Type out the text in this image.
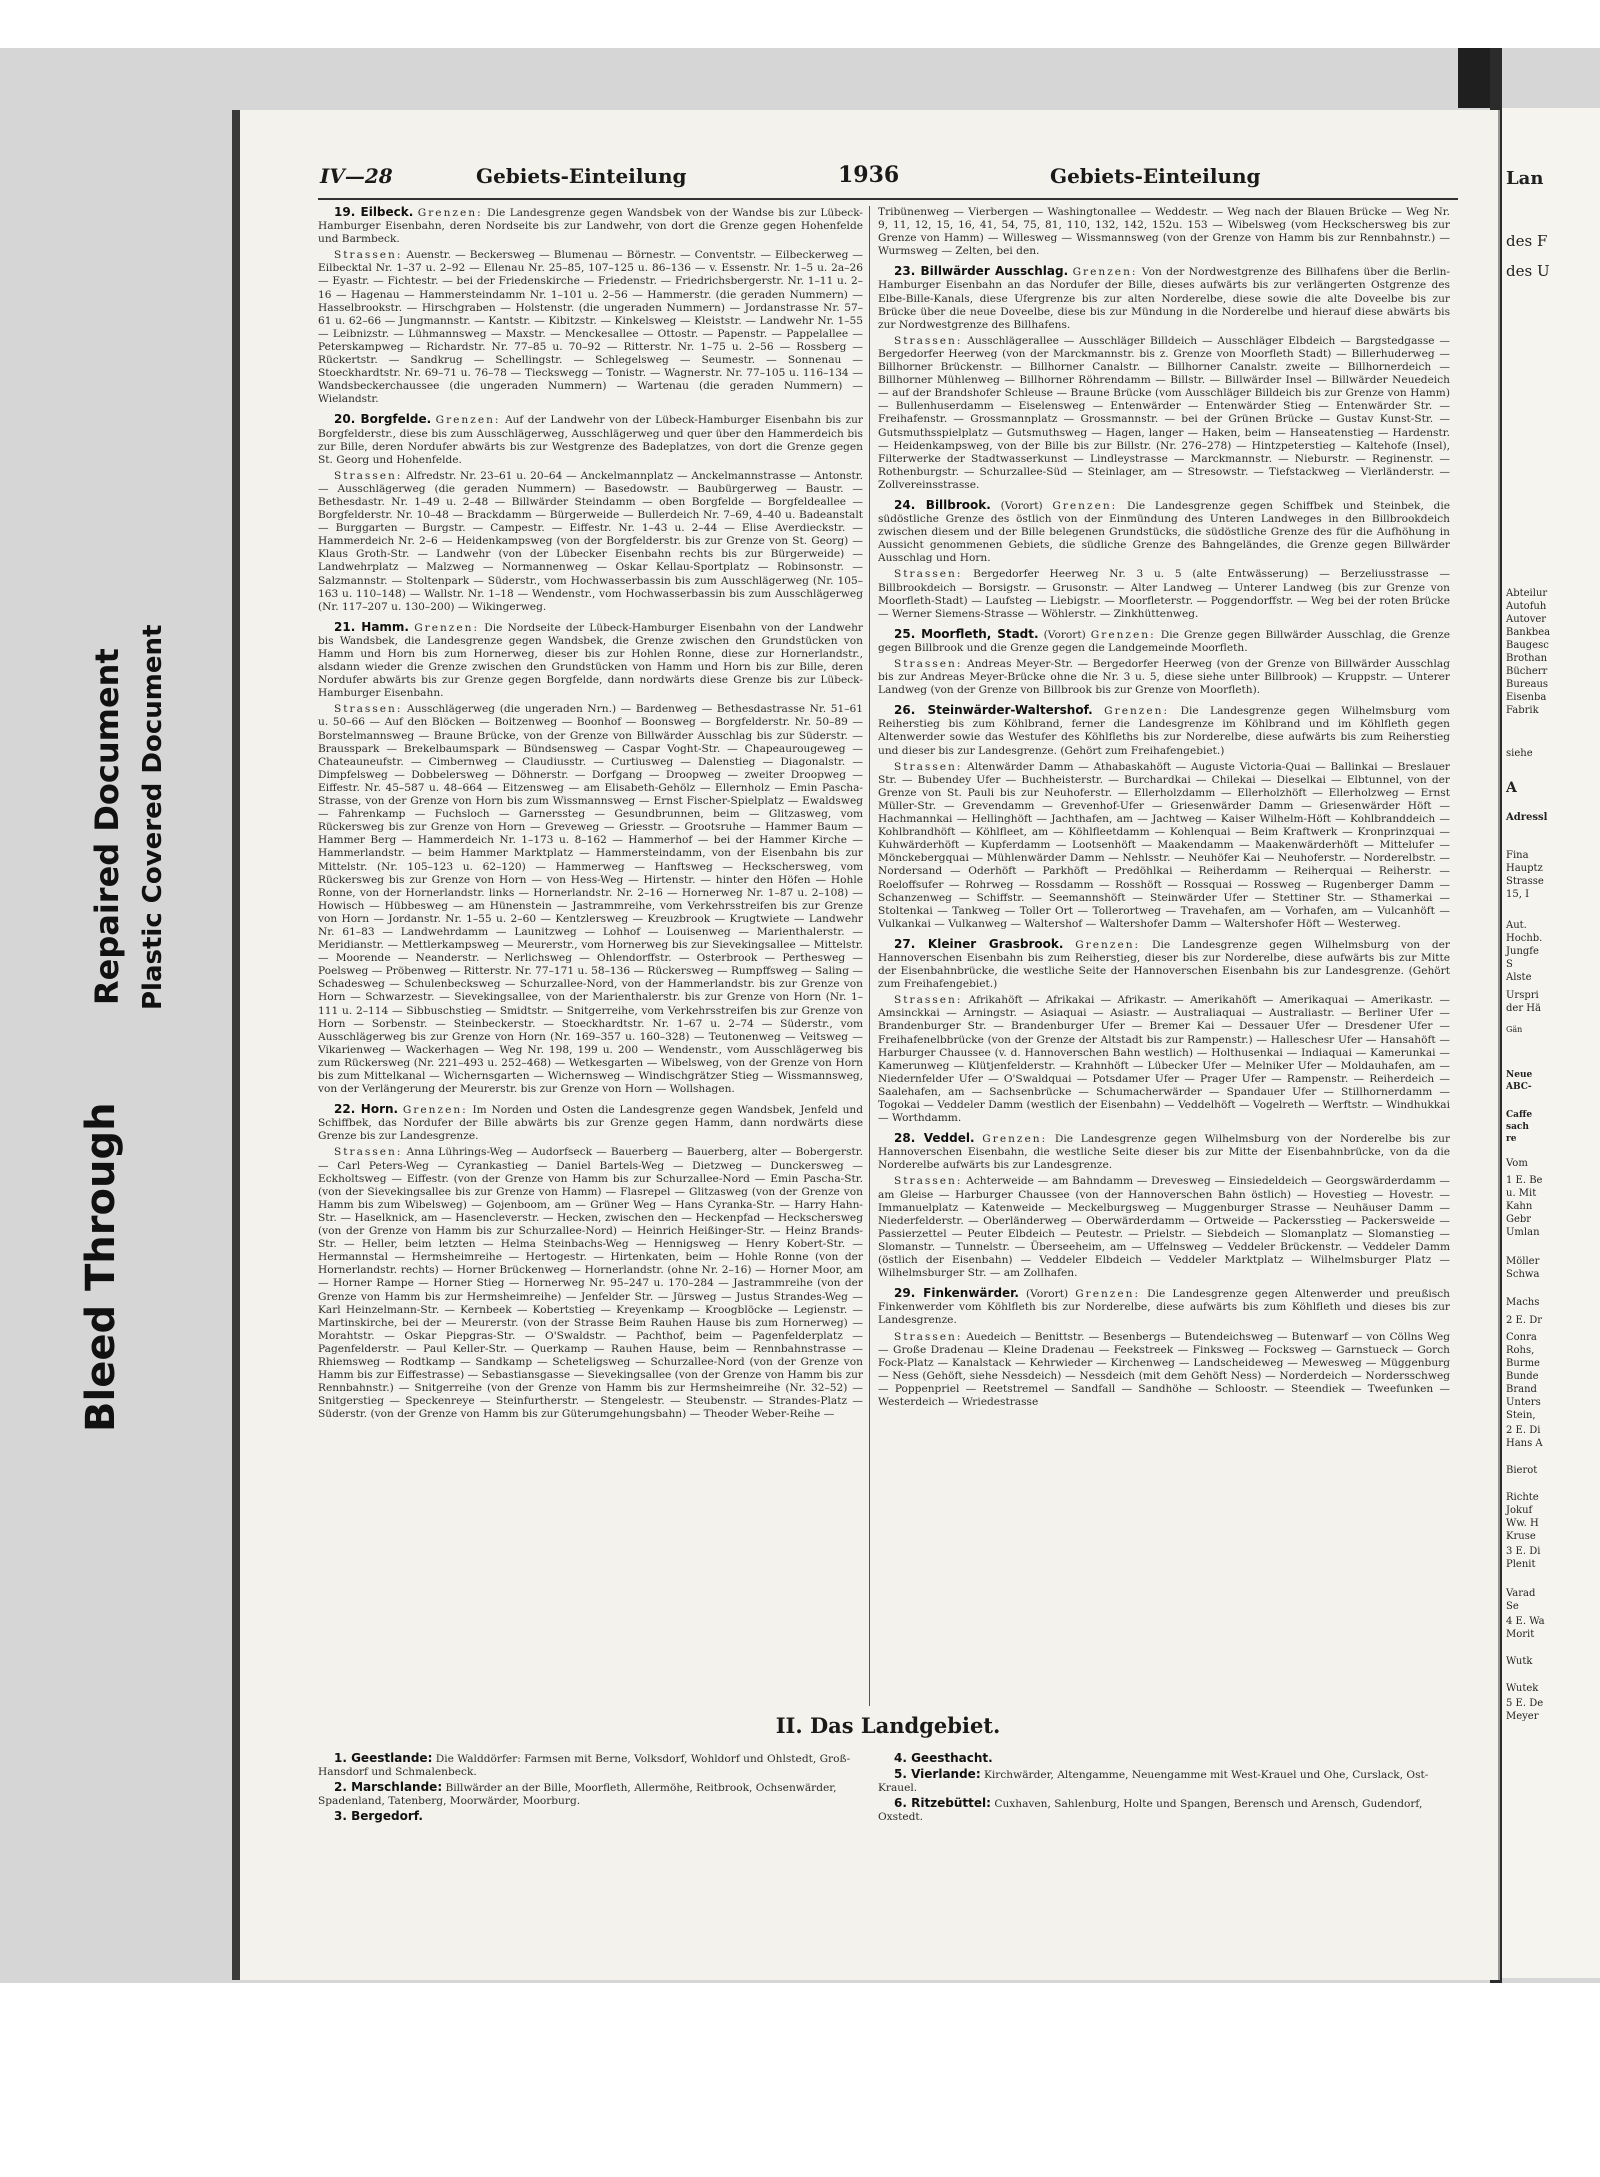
Bleed Through
Repaired Document Plastic Covered Document
IV—28	Gebiets-Einteilung	1936	Gebiets-Einteilung

19. Eilbeck. Grenzen: Die Landesgrenze gegen Wandsbek von der Wandse bis zur Lübeck-Hamburger Eisenbahn, deren Nordseite bis zur Landwehr, von dort die Grenze gegen Hohenfelde und Barmbeck.

Strassen: Auenstr. — Beckersweg — Blumenau — Börnestr. — Conventstr. — Eilbeckerweg — Eilbecktal Nr. 1–37 u. 2–92 — Ellenau Nr. 25–85, 107–125 u. 86–136 — v. Essenstr. Nr. 1–5 u. 2a–26 — Eyastr. — Fichtestr. — bei der Friedenskirche — Friedenstr. — Friedrichsbergerstr. Nr. 1–11 u. 2–16 — Hagenau — Hammersteindamm Nr. 1–101 u. 2–56 — Hammerstr. (die geraden Nummern) — Hasselbrookstr. — Hirschgraben — Holstenstr. (die ungeraden Nummern) — Jordanstrasse Nr. 57–61 u. 62–66 — Jungmannstr. — Kantstr. — Kibitzstr. — Kinkelsweg — Kleiststr. — Landwehr Nr. 1–55 — Leibnizstr. — Lühmannsweg — Maxstr. — Menckesallee — Ottostr. — Papenstr. — Pappelallee — Peterskampweg — Richardstr. Nr. 77–85 u. 70–92 — Ritterstr. Nr. 1–75 u. 2–56 — Rossberg — Rückertstr. — Sandkrug — Schellingstr. — Schlegelsweg — Seumestr. — Sonnenau — Stoeckhardtstr. Nr. 69–71 u. 76–78 — Tieckswegg — Tonistr. — Wagnerstr. Nr. 77–105 u. 116–134 — Wandsbeckerchaussee (die ungeraden Nummern) — Wartenau (die geraden Nummern) — Wielandstr.

20. Borgfelde. Grenzen: Auf der Landwehr von der Lübeck-Hamburger Eisenbahn bis zur Borgfelderstr., diese bis zum Ausschlägerweg, Ausschlägerweg und quer über den Hammerdeich bis zur Bille, deren Nordufer abwärts bis zur Westgrenze des Badeplatzes, von dort die Grenze gegen St. Georg und Hohenfelde.

Strassen: Alfredstr. Nr. 23–61 u. 20–64 — Anckelmannplatz — Anckelmannstrasse — Antonstr. — Ausschlägerweg (die geraden Nummern) — Basedowstr. — Baubürgerweg — Baustr. — Bethesdastr. Nr. 1–49 u. 2–48 — Billwärder Steindamm — oben Borgfelde — Borgfeldeallee — Borgfelderstr. Nr. 10–48 — Brackdamm — Bürgerweide — Bullerdeich Nr. 7–69, 4–40 u. Badeanstalt — Burggarten — Burgstr. — Campestr. — Eiffestr. Nr. 1–43 u. 2–44 — Elise Averdieckstr. — Hammerdeich Nr. 2–6 — Heidenkampsweg (von der Borgfelderstr. bis zur Grenze von St. Georg) — Klaus Groth-Str. — Landwehr (von der Lübecker Eisenbahn rechts bis zur Bürgerweide) — Landwehrplatz — Malzweg — Normannenweg — Oskar Kellau-Sportplatz — Robinsonstr. — Salzmannstr. — Stoltenpark — Süderstr., vom Hochwasserbassin bis zum Ausschlägerweg (Nr. 105–163 u. 110–148) — Wallstr. Nr. 1–18 — Wendenstr., vom Hochwasserbassin bis zum Ausschlägerweg (Nr. 117–207 u. 130–200) — Wikingerweg.

21. Hamm. Grenzen: Die Nordseite der Lübeck-Hamburger Eisenbahn von der Landwehr bis Wandsbek, die Landesgrenze gegen Wandsbek, die Grenze zwischen den Grundstücken von Hamm und Horn bis zum Hornerweg, dieser bis zur Hohlen Ronne, diese zur Hornerlandstr., alsdann wieder die Grenze zwischen den Grundstücken von Hamm und Horn bis zur Bille, deren Nordufer abwärts bis zur Grenze gegen Borgfelde, dann nordwärts diese Grenze bis zur Lübeck-Hamburger Eisenbahn.

Strassen: Ausschlägerweg (die ungeraden Nrn.) — Bardenweg — Bethesdastrasse Nr. 51–61 u. 50–66 — Auf den Blöcken — Boitzenweg — Boonhof — Boonsweg — Borgfelderstr. Nr. 50–89 — Borstelmannsweg — Braune Brücke, von der Grenze von Billwärder Ausschlag bis zur Süderstr. — Brausspark — Brekelbaumspark — Bündsensweg — Caspar Voght-Str. — Chapeaurougeweg — Chateauneufstr. — Cimbernweg — Claudiusstr. — Curtiusweg — Dalenstieg — Diagonalstr. — Dimpfelsweg — Dobbelersweg — Döhnerstr. — Dorfgang — Droopweg — zweiter Droopweg — Eiffestr. Nr. 45–587 u. 48–664 — Eitzensweg — am Elisabeth-Gehölz — Ellernholz — Emin Pascha-Strasse, von der Grenze von Horn bis zum Wissmannsweg — Ernst Fischer-Spielplatz — Ewaldsweg — Fahrenkamp — Fuchsloch — Garnerssteg — Gesundbrunnen, beim — Glitzasweg, vom Rückersweg bis zur Grenze von Horn — Greveweg — Griesstr. — Grootsruhe — Hammer Baum — Hammer Berg — Hammerdeich Nr. 1–173 u. 8–162 — Hammerhof — bei der Hammer Kirche — Hammerlandstr. — beim Hammer Marktplatz — Hammersteindamm, von der Eisenbahn bis zur Mittelstr. (Nr. 105–123 u. 62–120) — Hammerweg — Hanftsweg — Heckschersweg, vom Rückersweg bis zur Grenze von Horn — von Hess-Weg — Hirtenstr. — hinter den Höfen — Hohle Ronne, von der Hornerlandstr. links — Hornerlandstr. Nr. 2–16 — Hornerweg Nr. 1–87 u. 2–108) — Howisch — Hübbesweg — am Hünenstein — Jastrammreihe, vom Verkehrsstreifen bis zur Grenze von Horn — Jordanstr. Nr. 1–55 u. 2–60 — Kentzlersweg — Kreuzbrook — Krugtwiete — Landwehr Nr. 61–83 — Landwehrdamm — Launitzweg — Lohhof — Louisenweg — Marienthalerstr. — Meridianstr. — Mettlerkampsweg — Meurerstr., vom Hornerweg bis zur Sievekingsallee — Mittelstr. — Moorende — Neanderstr. — Nerlichsweg — Ohlendorffstr. — Osterbrook — Perthesweg — Poelsweg — Pröbenweg — Ritterstr. Nr. 77–171 u. 58–136 — Rückersweg — Rumpffsweg — Saling — Schadesweg — Schulenbecksweg — Schurzallee-Nord, von der Hammerlandstr. bis zur Grenze von Horn — Schwarzestr. — Sievekingsallee, von der Marienthalerstr. bis zur Grenze von Horn (Nr. 1–111 u. 2–114 — Sibbuschstieg — Smidtstr. — Snitgerreihe, vom Verkehrsstreifen bis zur Grenze von Horn — Sorbenstr. — Steinbeckerstr. — Stoeckhardtstr. Nr. 1–67 u. 2–74 — Süderstr., vom Ausschlägerweg bis zur Grenze von Horn (Nr. 169–357 u. 160–328) — Teutonenweg — Veitsweg — Vikarienweg — Wackerhagen — Weg Nr. 198, 199 u. 200 — Wendenstr., vom Ausschlägerweg bis zum Rückersweg (Nr. 221–493 u. 252–468) — Wetkesgarten — Wibelsweg, von der Grenze von Horn bis zum Mittelkanal — Wichernsgarten — Wichernsweg — Windischgrätzer Stieg — Wissmannsweg, von der Verlängerung der Meurerstr. bis zur Grenze von Horn — Wollshagen.

22. Horn. Grenzen: Im Norden und Osten die Landesgrenze gegen Wandsbek, Jenfeld und Schiffbek, das Nordufer der Bille abwärts bis zur Grenze gegen Hamm, dann nordwärts diese Grenze bis zur Landesgrenze.

Strassen: Anna Lührings-Weg — Audorfseck — Bauerberg — Bauerberg, alter — Bobergerstr. — Carl Peters-Weg — Cyrankastieg — Daniel Bartels-Weg — Dietzweg — Dunckersweg — Eckholtsweg — Eiffestr. (von der Grenze von Hamm bis zur Schurzallee-Nord — Emin Pascha-Str. (von der Sievekingsallee bis zur Grenze von Hamm) — Flasrepel — Glitzasweg (von der Grenze von Hamm bis zum Wibelsweg) — Gojenboom, am — Grüner Weg — Hans Cyranka-Str. — Harry Hahn-Str. — Haselknick, am — Hasencleverstr. — Hecken, zwischen den — Heckenpfad — Heckschersweg (von der Grenze von Hamm bis zur Schurzallee-Nord) — Heinrich Heißinger-Str. — Heinz Brands-Str. — Heller, beim letzten — Helma Steinbachs-Weg — Hennigsweg — Henry Kobert-Str. — Hermannstal — Hermsheimreihe — Hertogestr. — Hirtenkaten, beim — Hohle Ronne (von der Hornerlandstr. rechts) — Horner Brückenweg — Hornerlandstr. (ohne Nr. 2–16) — Horner Moor, am — Horner Rampe — Horner Stieg — Hornerweg Nr. 95–247 u. 170–284 — Jastrammreihe (von der Grenze von Hamm bis zur Hermsheimreihe) — Jenfelder Str. — Jürsweg — Justus Strandes-Weg — Karl Heinzelmann-Str. — Kernbeek — Kobertstieg — Kreyenkamp — Kroogblöcke — Legienstr. — Martinskirche, bei der — Meurerstr. (von der Strasse Beim Rauhen Hause bis zum Hornerweg) — Morahtstr. — Oskar Piepgras-Str. — O'Swaldstr. — Pachthof, beim — Pagenfelderplatz — Pagenfelderstr. — Paul Keller-Str. — Querkamp — Rauhen Hause, beim — Rennbahnstrasse — Rhiemsweg — Rodtkamp — Sandkamp — Scheteligsweg — Schurzallee-Nord (von der Grenze von Hamm bis zur Eiffestrasse) — Sebastiansgasse — Sievekingsallee (von der Grenze von Hamm bis zur Rennbahnstr.) — Snitgerreihe (von der Grenze von Hamm bis zur Hermsheimreihe (Nr. 32–52) — Snitgerstieg — Speckenreye — Steinfurtherstr. — Stengelestr. — Steubenstr. — Strandes-Platz — Süderstr. (von der Grenze von Hamm bis zur Güterumgehungsbahn) — Theoder Weber-Reihe —

Tribünenweg — Vierbergen — Washingtonallee — Weddestr. — Weg nach der Blauen Brücke — Weg Nr. 9, 11, 12, 15, 16, 41, 54, 75, 81, 110, 132, 142, 152u. 153 — Wibelsweg (vom Heckschersweg bis zur Grenze von Hamm) — Willesweg — Wissmannsweg (von der Grenze von Hamm bis zur Rennbahnstr.) — Wurmsweg — Zelten, bei den.

23. Billwärder Ausschlag. Grenzen: Von der Nordwestgrenze des Billhafens über die Berlin-Hamburger Eisenbahn an das Nordufer der Bille, dieses aufwärts bis zur verlängerten Ostgrenze des Elbe-Bille-Kanals, diese Ufergrenze bis zur alten Norderelbe, diese sowie die alte Doveelbe bis zur Brücke über die neue Doveelbe, diese bis zur Mündung in die Norderelbe und hierauf diese abwärts bis zur Nordwestgrenze des Billhafens.

Strassen: Ausschlägerallee — Ausschläger Billdeich — Ausschläger Elbdeich — Bargstedgasse — Bergedorfer Heerweg (von der Marckmannstr. bis z. Grenze von Moorfleth Stadt) — Billerhuderweg — Billhorner Brückenstr. — Billhorner Canalstr. — Billhorner Canalstr. zweite — Billhornerdeich — Billhorner Mühlenweg — Billhorner Röhrendamm — Billstr. — Billwärder Insel — Billwärder Neuedeich — auf der Brandshofer Schleuse — Braune Brücke (vom Ausschläger Billdeich bis zur Grenze von Hamm) — Bullenhuserdamm — Eiselensweg — Entenwärder — Entenwärder Stieg — Entenwärder Str. — Freihafenstr. — Grossmannplatz — Grossmannstr. — bei der Grünen Brücke — Gustav Kunst-Str. — Gutsmuthsspielplatz — Gutsmuthsweg — Hagen, langer — Haken, beim — Hanseatenstieg — Hardenstr. — Heidenkampsweg, von der Bille bis zur Billstr. (Nr. 276–278) — Hintzpeterstieg — Kaltehofe (Insel), Filterwerke der Stadtwasserkunst — Lindleystrasse — Marckmannstr. — Nieburstr. — Reginenstr. — Rothenburgstr. — Schurzallee-Süd — Steinlager, am — Stresowstr. — Tiefstackweg — Vierländerstr. — Zollvereinsstrasse.

24. Billbrook. (Vorort) Grenzen: Die Landesgrenze gegen Schiffbek und Steinbek, die südöstliche Grenze des östlich von der Einmündung des Unteren Landweges in den Billbrookdeich zwischen diesem und der Bille belegenen Grundstücks, die südöstliche Grenze des für die Aufhöhung in Aussicht genommenen Gebiets, die südliche Grenze des Bahngeländes, die Grenze gegen Billwärder Ausschlag und Horn.

Strassen: Bergedorfer Heerweg Nr. 3 u. 5 (alte Entwässerung) — Berzeliusstrasse — Billbrookdeich — Borsigstr. — Grusonstr. — Alter Landweg — Unterer Landweg (bis zur Grenze von Moorfleth-Stadt) — Laufsteg — Liebigstr. — Moorfleterstr. — Poggendorffstr. — Weg bei der roten Brücke — Werner Siemens-Strasse — Wöhlerstr. — Zinkhüttenweg.

25. Moorfleth, Stadt. (Vorort) Grenzen: Die Grenze gegen Billwärder Ausschlag, die Grenze gegen Billbrook und die Grenze gegen die Landgemeinde Moorfleth.

Strassen: Andreas Meyer-Str. — Bergedorfer Heerweg (von der Grenze von Billwärder Ausschlag bis zur Andreas Meyer-Brücke ohne die Nr. 3 u. 5, diese siehe unter Billbrook) — Kruppstr. — Unterer Landweg (von der Grenze von Billbrook bis zur Grenze von Moorfleth).

26. Steinwärder-Waltershof. Grenzen: Die Landesgrenze gegen Wilhelmsburg vom Reiherstieg bis zum Köhlbrand, ferner die Landesgrenze im Köhlbrand und im Köhlfleth gegen Altenwerder sowie das Westufer des Köhlfleths bis zur Norderelbe, diese aufwärts bis zum Reiherstieg und dieser bis zur Landesgrenze. (Gehört zum Freihafengebiet.)

Strassen: Altenwärder Damm — Athabaskahöft — Auguste Victoria-Quai — Ballinkai — Breslauer Str. — Bubendey Ufer — Buchheisterstr. — Burchardkai — Chilekai — Dieselkai — Elbtunnel, von der Grenze von St. Pauli bis zur Neuhoferstr. — Ellerholzdamm — Ellerholzhöft — Ellerholzweg — Ernst Müller-Str. — Grevendamm — Grevenhof-Ufer — Griesenwärder Damm — Griesenwärder Höft — Hachmannkai — Hellinghöft — Jachthafen, am — Jachtweg — Kaiser Wilhelm-Höft — Kohlbranddeich — Kohlbrandhöft — Köhlfleet, am — Köhlfleetdamm — Kohlenquai — Beim Kraftwerk — Kronprinzquai — Kuhwärderhöft — Kupferdamm — Lootsenhöft — Maakendamm — Maakenwärderhöft — Mittelufer — Mönckebergquai — Mühlenwärder Damm — Nehlsstr. — Neuhöfer Kai — Neuhoferstr. — Norderelbstr. — Nordersand — Oderhöft — Parkhöft — Predöhlkai — Reiherdamm — Reiherquai — Reiherstr. — Roeloffsufer — Rohrweg — Rossdamm — Rosshöft — Rossquai — Rossweg — Rugenberger Damm — Schanzenweg — Schiffstr. — Seemannshöft — Steinwärder Ufer — Stettiner Str. — Sthamerkai — Stoltenkai — Tankweg — Toller Ort — Tollerortweg — Travehafen, am — Vorhafen, am — Vulcanhöft — Vulkankai — Vulkanweg — Waltershof — Waltershofer Damm — Waltershofer Höft — Westerweg.

27. Kleiner Grasbrook. Grenzen: Die Landesgrenze gegen Wilhelmsburg von der Hannoverschen Eisenbahn bis zum Reiherstieg, dieser bis zur Norderelbe, diese aufwärts bis zur Mitte der Eisenbahnbrücke, die westliche Seite der Hannoverschen Eisenbahn bis zur Landesgrenze. (Gehört zum Freihafengebiet.)

Strassen: Afrikahöft — Afrikakai — Afrikastr. — Amerikahöft — Amerikaquai — Amerikastr. — Amsinckkai — Arningstr. — Asiaquai — Asiastr. — Australiaquai — Australiastr. — Berliner Ufer — Brandenburger Str. — Brandenburger Ufer — Bremer Kai — Dessauer Ufer — Dresdener Ufer — Freihafenelbbrücke (von der Grenze der Altstadt bis zur Rampenstr.) — Halleschesr Ufer — Hansahöft — Harburger Chaussee (v. d. Hannoverschen Bahn westlich) — Holthusenkai — Indiaquai — Kamerunkai — Kamerunweg — Klütjenfelderstr. — Krahnhöft — Lübecker Ufer — Melniker Ufer — Moldauhafen, am — Niedernfelder Ufer — O'Swaldquai — Potsdamer Ufer — Prager Ufer — Rampenstr. — Reiherdeich — Saalehafen, am — Sachsenbrücke — Schumacherwärder — Spandauer Ufer — Stillhornerdamm — Togokai — Veddeler Damm (westlich der Eisenbahn) — Veddelhöft — Vogelreth — Werftstr. — Windhukkai — Worthdamm.

28. Veddel. Grenzen: Die Landesgrenze gegen Wilhelmsburg von der Norderelbe bis zur Hannoverschen Eisenbahn, die westliche Seite dieser bis zur Mitte der Eisenbahnbrücke, von da die Norderelbe aufwärts bis zur Landesgrenze.

Strassen: Achterweide — am Bahndamm — Drevesweg — Einsiedeldeich — Georgswärderdamm — am Gleise — Harburger Chaussee (von der Hannoverschen Bahn östlich) — Hovestieg — Hovestr. — Immanuelplatz — Katenweide — Meckelburgsweg — Muggenburger Strasse — Neuhäuser Damm — Niederfelderstr. — Oberländerweg — Oberwärderdamm — Ortweide — Packersstieg — Packersweide — Passierzettel — Peuter Elbdeich — Peutestr. — Prielstr. — Siebdeich — Slomanplatz — Slomanstieg — Slomanstr. — Tunnelstr. — Überseeheim, am — Uffelnsweg — Veddeler Brückenstr. — Veddeler Damm (östlich der Eisenbahn) — Veddeler Elbdeich — Veddeler Marktplatz — Wilhelmsburger Platz — Wilhelmsburger Str. — am Zollhafen.

29. Finkenwärder. (Vorort) Grenzen: Die Landesgrenze gegen Altenwerder und preußisch Finkenwerder vom Köhlfleth bis zur Norderelbe, diese aufwärts bis zum Köhlfleth und dieses bis zur Landesgrenze.

Strassen: Auedeich — Benittstr. — Besenbergs — Butendeichsweg — Butenwarf — von Cöllns Weg — Große Dradenau — Kleine Dradenau — Feekstreek — Finksweg — Focksweg — Garnstueck — Gorch Fock-Platz — Kanalstack — Kehrwieder — Kirchenweg — Landscheideweg — Mewesweg — Müggenburg — Ness (Gehöft, siehe Nessdeich) — Nessdeich (mit dem Gehöft Ness) — Norderdeich — Nordersschweg — Poppenpriel — Reetstremel — Sandfall — Sandhöhe — Schloostr. — Steendiek — Tweefunken — Westerdeich — Wriedestrasse

II. Das Landgebiet.

1. Geestlande: Die Walddörfer: Farmsen mit Berne, Volksdorf, Wohldorf und Ohlstedt, Groß-Hansdorf und Schmalenbeck.

2. Marschlande: Billwärder an der Bille, Moorfleth, Allermöhe, Reitbrook, Ochsenwärder, Spadenland, Tatenberg, Moorwärder, Moorburg.

3. Bergedorf.

4. Geesthacht.

5. Vierlande: Kirchwärder, Altengamme, Neuengamme mit West-Krauel und Ohe, Curslack, Ost-Krauel.

6. Ritzebüttel: Cuxhaven, Sahlenburg, Holte und Spangen, Berensch und Arensch, Gudendorf, Oxstedt.

Lan
des F
des U
Abteilur
Autofuh
Autover
Bankbea
Baugesc
Brothan
Bücherr
Bureaus
Eisenba
Fabrik
siehe
A
Adressl
Fina
Hauptz
Strasse
15, I
Aut.
Hochb.
Jungfe
S
Alste
Urspri
der Hä
Gän
Neue
ABC-
Caffe
sach
re
Vom
1 E. Be
u. Mit
Kahn
Gebr
Umlan
Möller
Schwa
Machs
2 E. Dr
Conra
Rohs,
Burme
Bunde
Brand
Unters
Stein,
2 E. Di
Hans A
Bierot
Richte
Jokuf
Ww. H
Kruse
3 E. Di
Plenit
Varad
Se
4 E. Wa
Morit
Wutk
Wutek
5 E. De
Meyer
